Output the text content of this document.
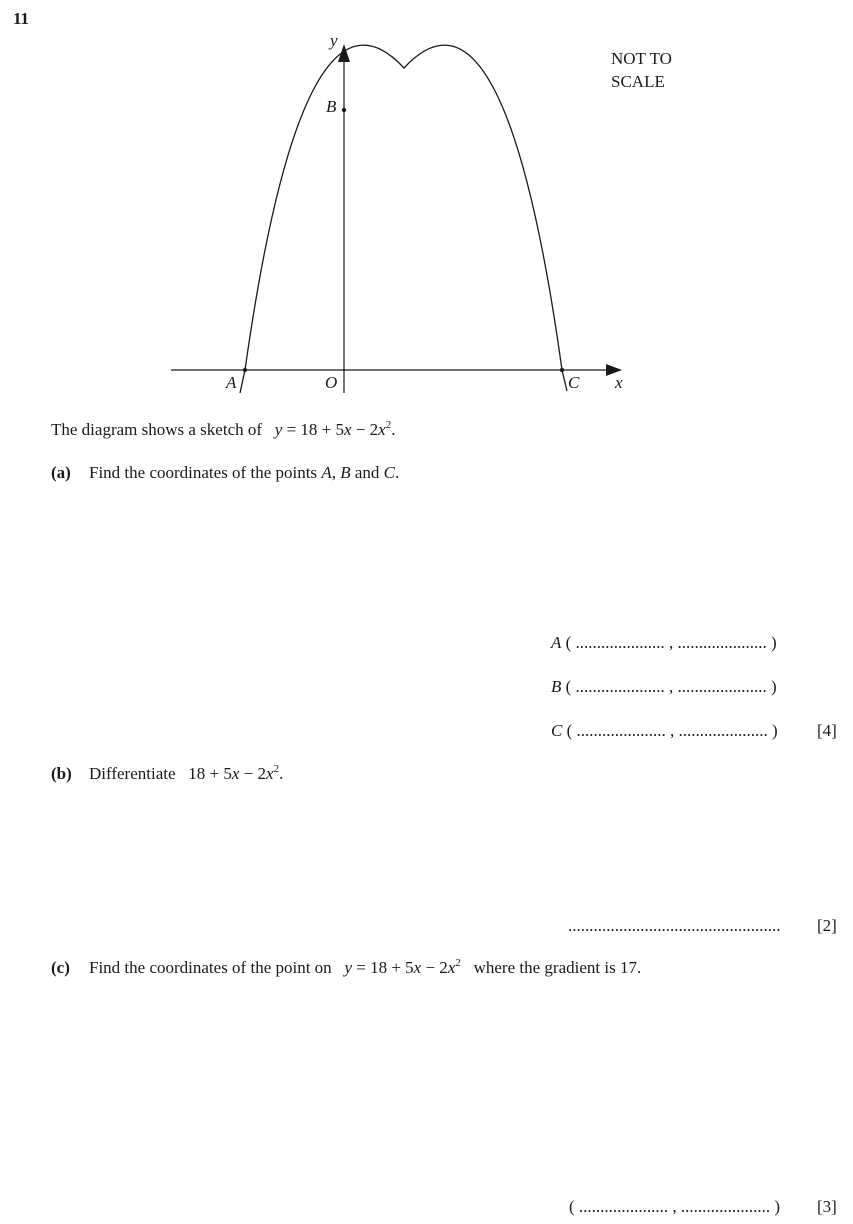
11
NOT TO
SCALE
y
x
O
A
B
C
The diagram shows a sketch of $y = 18 + 5x - 2x^2$.
(a) Find the coordinates of the points A, B and C.
A ( ..................... , ..................... )
B ( ..................... , ..................... )
C ( ..................... , ..................... ) [4]
(b) Differentiate $18 + 5x - 2x^2$.
.................................................. [2]
(c) Find the coordinates of the point on $y = 18 + 5x - 2x^2$ where the gradient is 17.
( ..................... , ..................... ) [3]
